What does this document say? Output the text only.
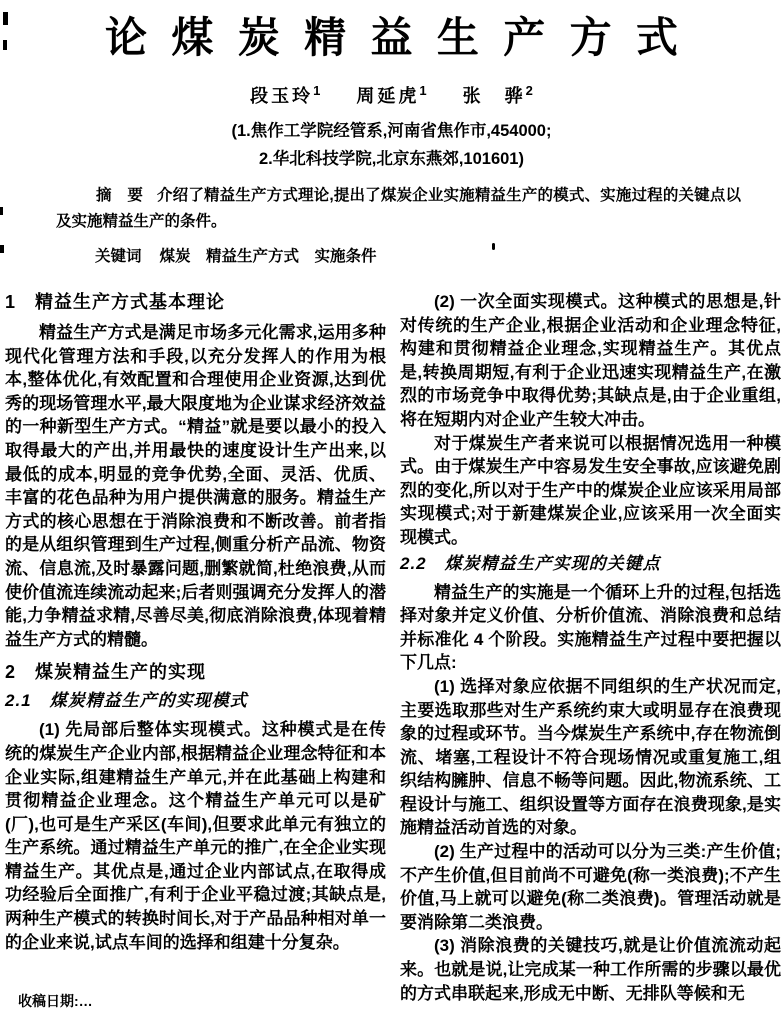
论煤炭精益生产方式
段玉玲$^1$ 周延虎$^1$ 张　骅$^2$
(1.焦作工学院经管系,河南省焦作市,454000;
2.华北科技学院,北京东燕郊,101601)

摘　要 介绍了精益生产方式理论,提出了煤炭企业实施精益生产的模式、实施过程的关键点以及实施精益生产的条件。

关键词 煤炭　精益生产方式　实施条件

1　精益生产方式基本理论

精益生产方式是满足市场多元化需求,运用多种现代化管理方法和手段,以充分发挥人的作用为根本,整体优化,有效配置和合理使用企业资源,达到优秀的现场管理水平,最大限度地为企业谋求经济效益的一种新型生产方式。“精益”就是要以最小的投入取得最大的产出,并用最快的速度设计生产出来,以最低的成本,明显的竞争优势,全面、灵活、优质、丰富的花色品种为用户提供满意的服务。精益生产方式的核心思想在于消除浪费和不断改善。前者指的是从组织管理到生产过程,侧重分析产品流、物资流、信息流,及时暴露问题,删繁就简,杜绝浪费,从而使价值流连续流动起来;后者则强调充分发挥人的潜能,力争精益求精,尽善尽美,彻底消除浪费,体现着精益生产方式的精髓。

2　煤炭精益生产的实现
2.1　煤炭精益生产的实现模式

(1) 先局部后整体实现模式。这种模式是在传统的煤炭生产企业内部,根据精益企业理念特征和本企业实际,组建精益生产单元,并在此基础上构建和贯彻精益企业理念。这个精益生产单元可以是矿(厂),也可是生产采区(车间),但要求此单元有独立的生产系统。通过精益生产单元的推广,在全企业实现精益生产。其优点是,通过企业内部试点,在取得成功经验后全面推广,有利于企业平稳过渡;其缺点是,两种生产模式的转换时间长,对于产品品种相对单一的企业来说,试点车间的选择和组建十分复杂。

(2) 一次全面实现模式。这种模式的思想是,针对传统的生产企业,根据企业活动和企业理念特征,构建和贯彻精益企业理念,实现精益生产。其优点是,转换周期短,有利于企业迅速实现精益生产,在激烈的市场竞争中取得优势;其缺点是,由于企业重组,将在短期内对企业产生较大冲击。

对于煤炭生产者来说可以根据情况选用一种模式。由于煤炭生产中容易发生安全事故,应该避免剧烈的变化,所以对于生产中的煤炭企业应该采用局部实现模式;对于新建煤炭企业,应该采用一次全面实现模式。

2.2　煤炭精益生产实现的关键点

精益生产的实施是一个循环上升的过程,包括选择对象并定义价值、分析价值流、消除浪费和总结并标准化 4 个阶段。实施精益生产过程中要把握以下几点:

(1) 选择对象应依据不同组织的生产状况而定,主要选取那些对生产系统约束大或明显存在浪费现象的过程或环节。当今煤炭生产系统中,存在物流倒流、堵塞,工程设计不符合现场情况或重复施工,组织结构臃肿、信息不畅等问题。因此,物流系统、工程设计与施工、组织设置等方面存在浪费现象,是实施精益活动首选的对象。

(2) 生产过程中的活动可以分为三类:产生价值;不产生价值,但目前尚不可避免(称一类浪费);不产生价值,马上就可以避免(称二类浪费)。管理活动就是要消除第二类浪费。

(3) 消除浪费的关键技巧,就是让价值流流动起来。也就是说,让完成某一种工作所需的步骤以最优的方式串联起来,形成无中断、无排队等候和无

收稿日期:…
